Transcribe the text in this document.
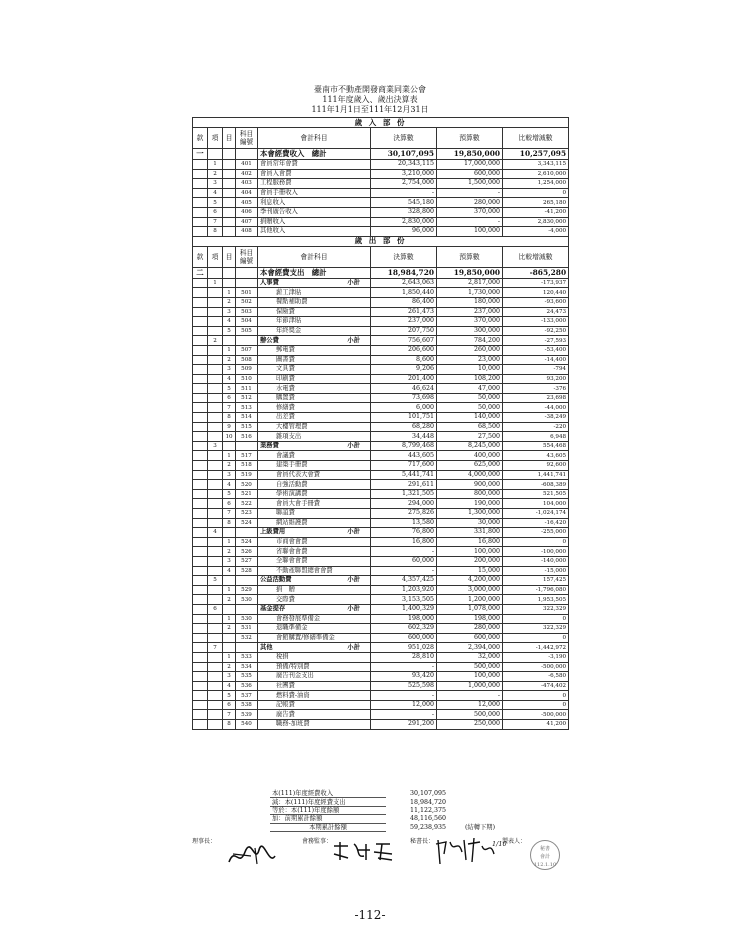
臺南市不動產開發商業同業公會
111年度歲入、歲出決算表
111年1月1日至111年12月31日
歲 入 部 份							
款	項	目	科目編號	會計科目	決算數	預算數	比較增減數
一				本會經費收入　總計	30,107,095	19,850,000	10,257,095
	1		401	會員常年會費	20,343,115	17,000,000	3,343,115
	2		402	會員入會費	3,210,000	600,000	2,610,000
	3		403	工程服務費	2,754,000	1,500,000	1,254,000
	4		404	會員手冊收入	-	-	0
	5		405	利息收入	545,180	280,000	265,180
	6		406	季刊廣告收入	328,800	370,000	-41,200
	7		407	捐贈收入	2,830,000	-	2,830,000
	8		408	其他收入	96,000	100,000	-4,000
歲 出 部 份							
款	項	目	科目編號	會計科目	決算數	預算數	比較增減數
二				本會經費支出　總計	18,984,720	19,850,000	-865,280
	1			人事費 小計	2,643,063	2,817,000	-173,937
		1	501	薪工津貼	1,850,440	1,730,000	120,440
		2	502	餐點補助費	86,400	180,000	-93,600
		3	503	保險費	261,473	237,000	24,473
		4	504	年節津貼	237,000	370,000	-133,000
		5	505	年終獎金	207,750	300,000	-92,250
	2			辦公費 小計	756,607	784,200	-27,593
		1	507	郵電費	206,600	260,000	-53,400
		2	508	圖書費	8,600	23,000	-14,400
		3	509	文具費	9,206	10,000	-794
		4	510	印刷費	201,400	108,200	93,200
		5	511	水電費	46,624	47,000	-376
		6	512	購置費	73,698	50,000	23,698
		7	513	修繕費	6,000	50,000	-44,000
		8	514	出差費	101,751	140,000	-38,249
		9	515	大樓管理費	68,280	68,500	-220
		10	516	雜項支出	34,448	27,500	6,948
	3			業務費 小計	8,799,468	8,245,000	554,468
		1	517	會議費	443,605	400,000	43,605
		2	518	建築手冊費	717,600	625,000	92,600
		3	519	會員代表大會費	5,441,741	4,000,000	1,441,741
		4	520	自強活動費	291,611	900,000	-608,389
		5	521	學術演講費	1,321,505	800,000	521,505
		6	522	會員大會手冊費	294,000	190,000	104,000
		7	523	聯誼費	275,826	1,300,000	-1,024,174
		8	524	網站維護費	13,580	30,000	-16,420
	4			上級費用 小計	76,800	331,800	-255,000
		1	524	市商會會費	16,800	16,800	0
		2	526	省聯會會費	-	100,000	-100,000
		3	527	全聯會會費	60,000	200,000	-140,000
		4	528	不動產聯盟總會會費	-	15,000	-15,000
	5			公益活動費 小計	4,357,425	4,200,000	157,425
		1	529	捐　贈	1,203,920	3,000,000	-1,796,080
		2	530	交際費	3,153,505	1,200,000	1,953,505
	6			基金提存 小計	1,400,329	1,078,000	322,329
		1	530	會務發展準備金	198,000	198,000	0
		2	531	退職準備金	602,329	280,000	322,329
			532	會館購置/修繕準備金	600,000	600,000	0
	7			其他 小計	951,028	2,394,000	-1,442,972
		1	533	稅捐	28,810	32,000	-3,190
		2	534	預備/特別費	-	500,000	-500,000
		3	535	廣告刊金支出	93,420	100,000	-6,580
		4	536	社團費	525,598	1,000,000	-474,402
		5	537	燃料費-油資	-	-	0
		6	538	記帳費	12,000	12,000	0
		7	539	廣告費	-	500,000	-500,000
		8	540	職務-加班費	291,200	250,000	41,200
本(111)年度經費收入	30,107,095	
減：本(111)年度經費支出	18,984,720	
等於：本(111)年度餘額	11,122,375	
加：前期累計餘額	48,116,560	
本期累計餘額	59,238,935	(結轉下期)
理事長：	會務監事：	秘書長：	製表人：
1/10
秘書
會計
112.1.10
-112-
